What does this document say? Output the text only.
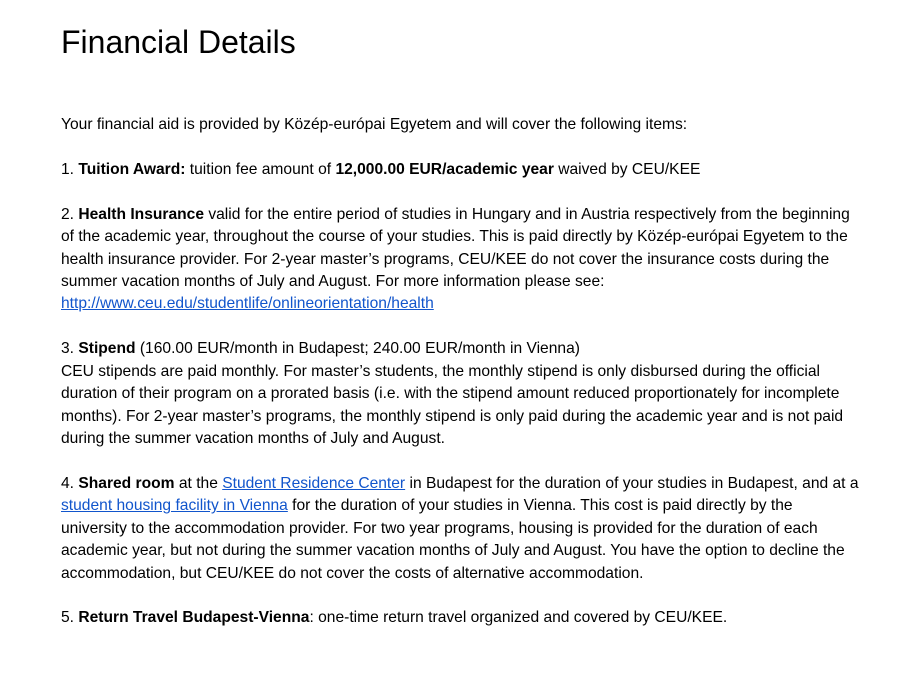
Financial Details
Your financial aid is provided by Közép-európai Egyetem and will cover the following items:

1. Tuition Award: tuition fee amount of 12,000.00 EUR/academic year waived by CEU/KEE

2. Health Insurance valid for the entire period of studies in Hungary and in Austria respectively from the beginning of the academic year, throughout the course of your studies. This is paid directly by Közép-európai Egyetem to the health insurance provider. For 2-year master’s programs, CEU/KEE do not cover the insurance costs during the summer vacation months of July and August. For more information please see: http://www.ceu.edu/studentlife/onlineorientation/health

3. Stipend (160.00 EUR/month in Budapest; 240.00 EUR/month in Vienna)

CEU stipends are paid monthly. For master’s students, the monthly stipend is only disbursed during the official duration of their program on a prorated basis (i.e. with the stipend amount reduced proportionately for incomplete months). For 2-year master’s programs, the monthly stipend is only paid during the academic year and is not paid during the summer vacation months of July and August.

4. Shared room at the Student Residence Center in Budapest for the duration of your studies in Budapest, and at a student housing facility in Vienna for the duration of your studies in Vienna. This cost is paid directly by the university to the accommodation provider. For two year programs, housing is provided for the duration of each academic year, but not during the summer vacation months of July and August. You have the option to decline the accommodation, but CEU/KEE do not cover the costs of alternative accommodation.

5. Return Travel Budapest-Vienna: one-time return travel organized and covered by CEU/KEE.
